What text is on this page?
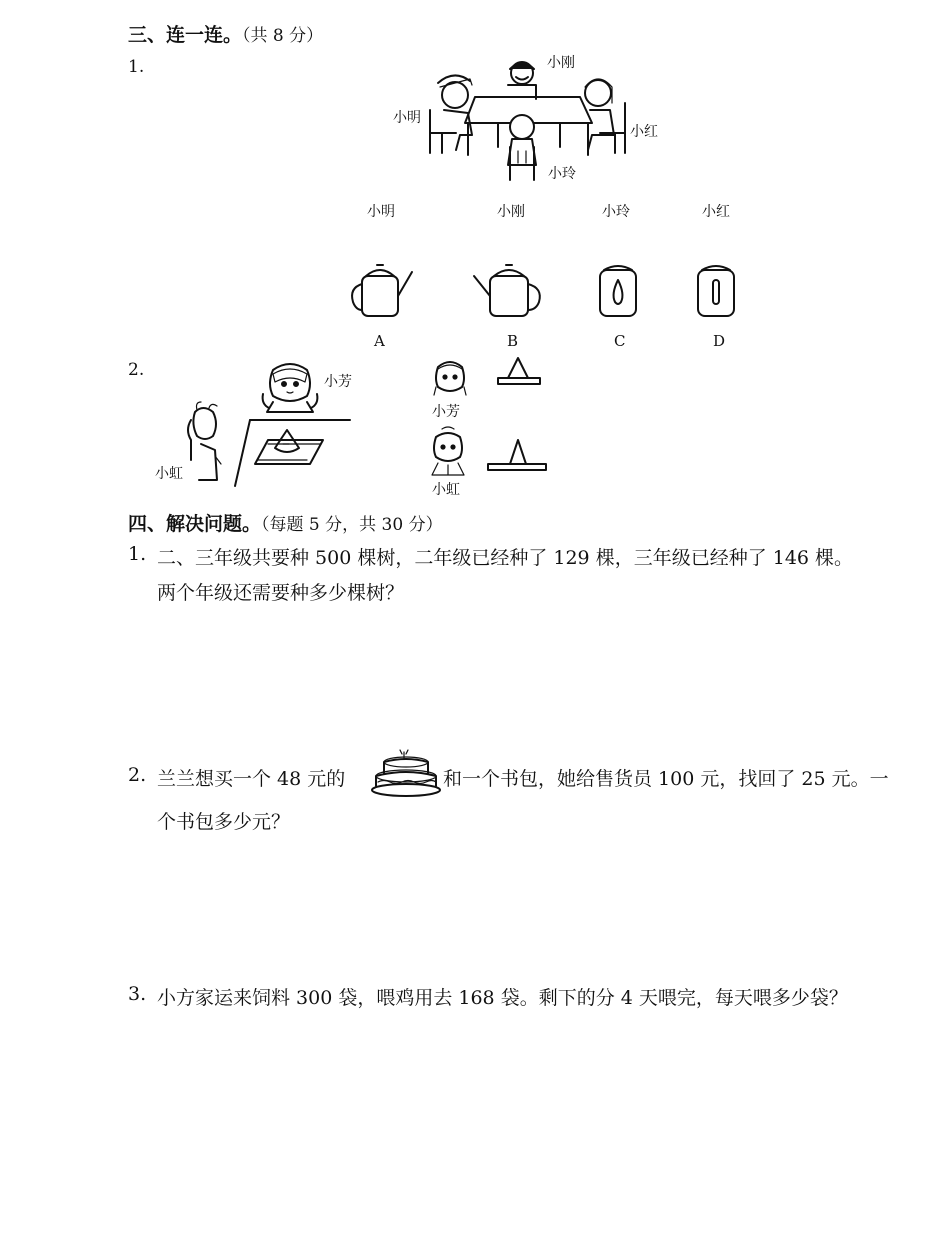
三、连一连。（共 8 分）
1.	小刚
小明
小红
小玲
小明	小刚	小玲	小红
A	B	C	D
2.
小芳
小虹
小芳
小虹
四、解决问题。（每题 5 分，共 30 分）
1. 二、三年级共要种 500 棵树，二年级已经种了 129 棵，三年级已经种了 146 棵。
两个年级还需要种多少棵树？
2. 兰兰想买一个 48 元的	和一个书包，她给售货员 100 元，找回了 25 元。一
个书包多少元？
3. 小方家运来饲料 300 袋，喂鸡用去 168 袋。剩下的分 4 天喂完，每天喂多少袋？
